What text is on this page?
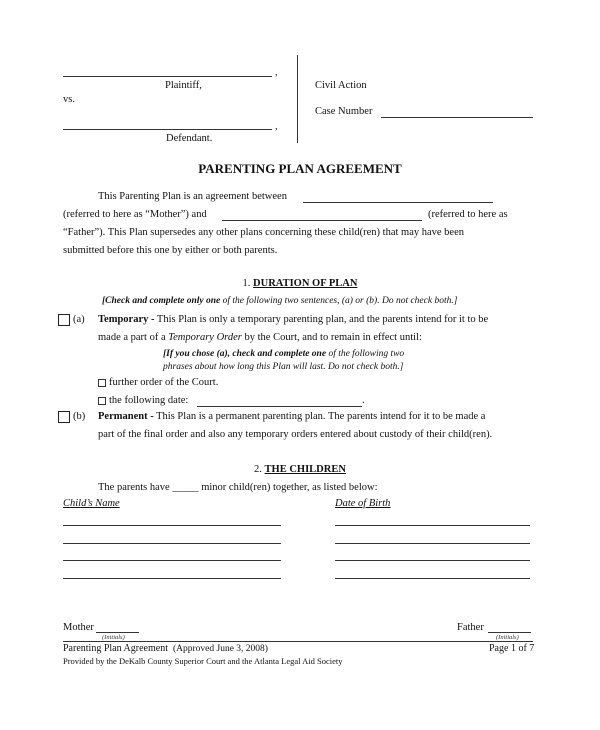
,
Plaintiff,
vs.
,
Defendant.
Civil Action
Case Number
PARENTING PLAN AGREEMENT
This Parenting Plan is an agreement between
(referred to here as “Mother”) and	(referred to here as
“Father”). This Plan supersedes any other plans concerning these child(ren) that may have been
submitted before this one by either or both parents.
1. DURATION OF PLAN
[Check and complete only one of the following two sentences, (a) or (b). Do not check both.]
(a) Temporary - This Plan is only a temporary parenting plan, and the parents intend for it to be
made a part of a Temporary Order by the Court, and to remain in effect until:
[If you chose (a), check and complete one of the following two
phrases about how long this Plan will last. Do not check both.]
further order of the Court.
the following date:	.
(b) Permanent - This Plan is a permanent parenting plan. The parents intend for it to be made a
part of the final order and also any temporary orders entered about custody of their child(ren).
2. THE CHILDREN
The parents have _____ minor child(ren) together, as listed below:
Child’s Name	Date of Birth
Mother
(Initials)
Father
(Initials)
Parenting Plan Agreement (Approved June 3, 2008)	Page 1 of 7
Provided by the DeKalb County Superior Court and the Atlanta Legal Aid Society
